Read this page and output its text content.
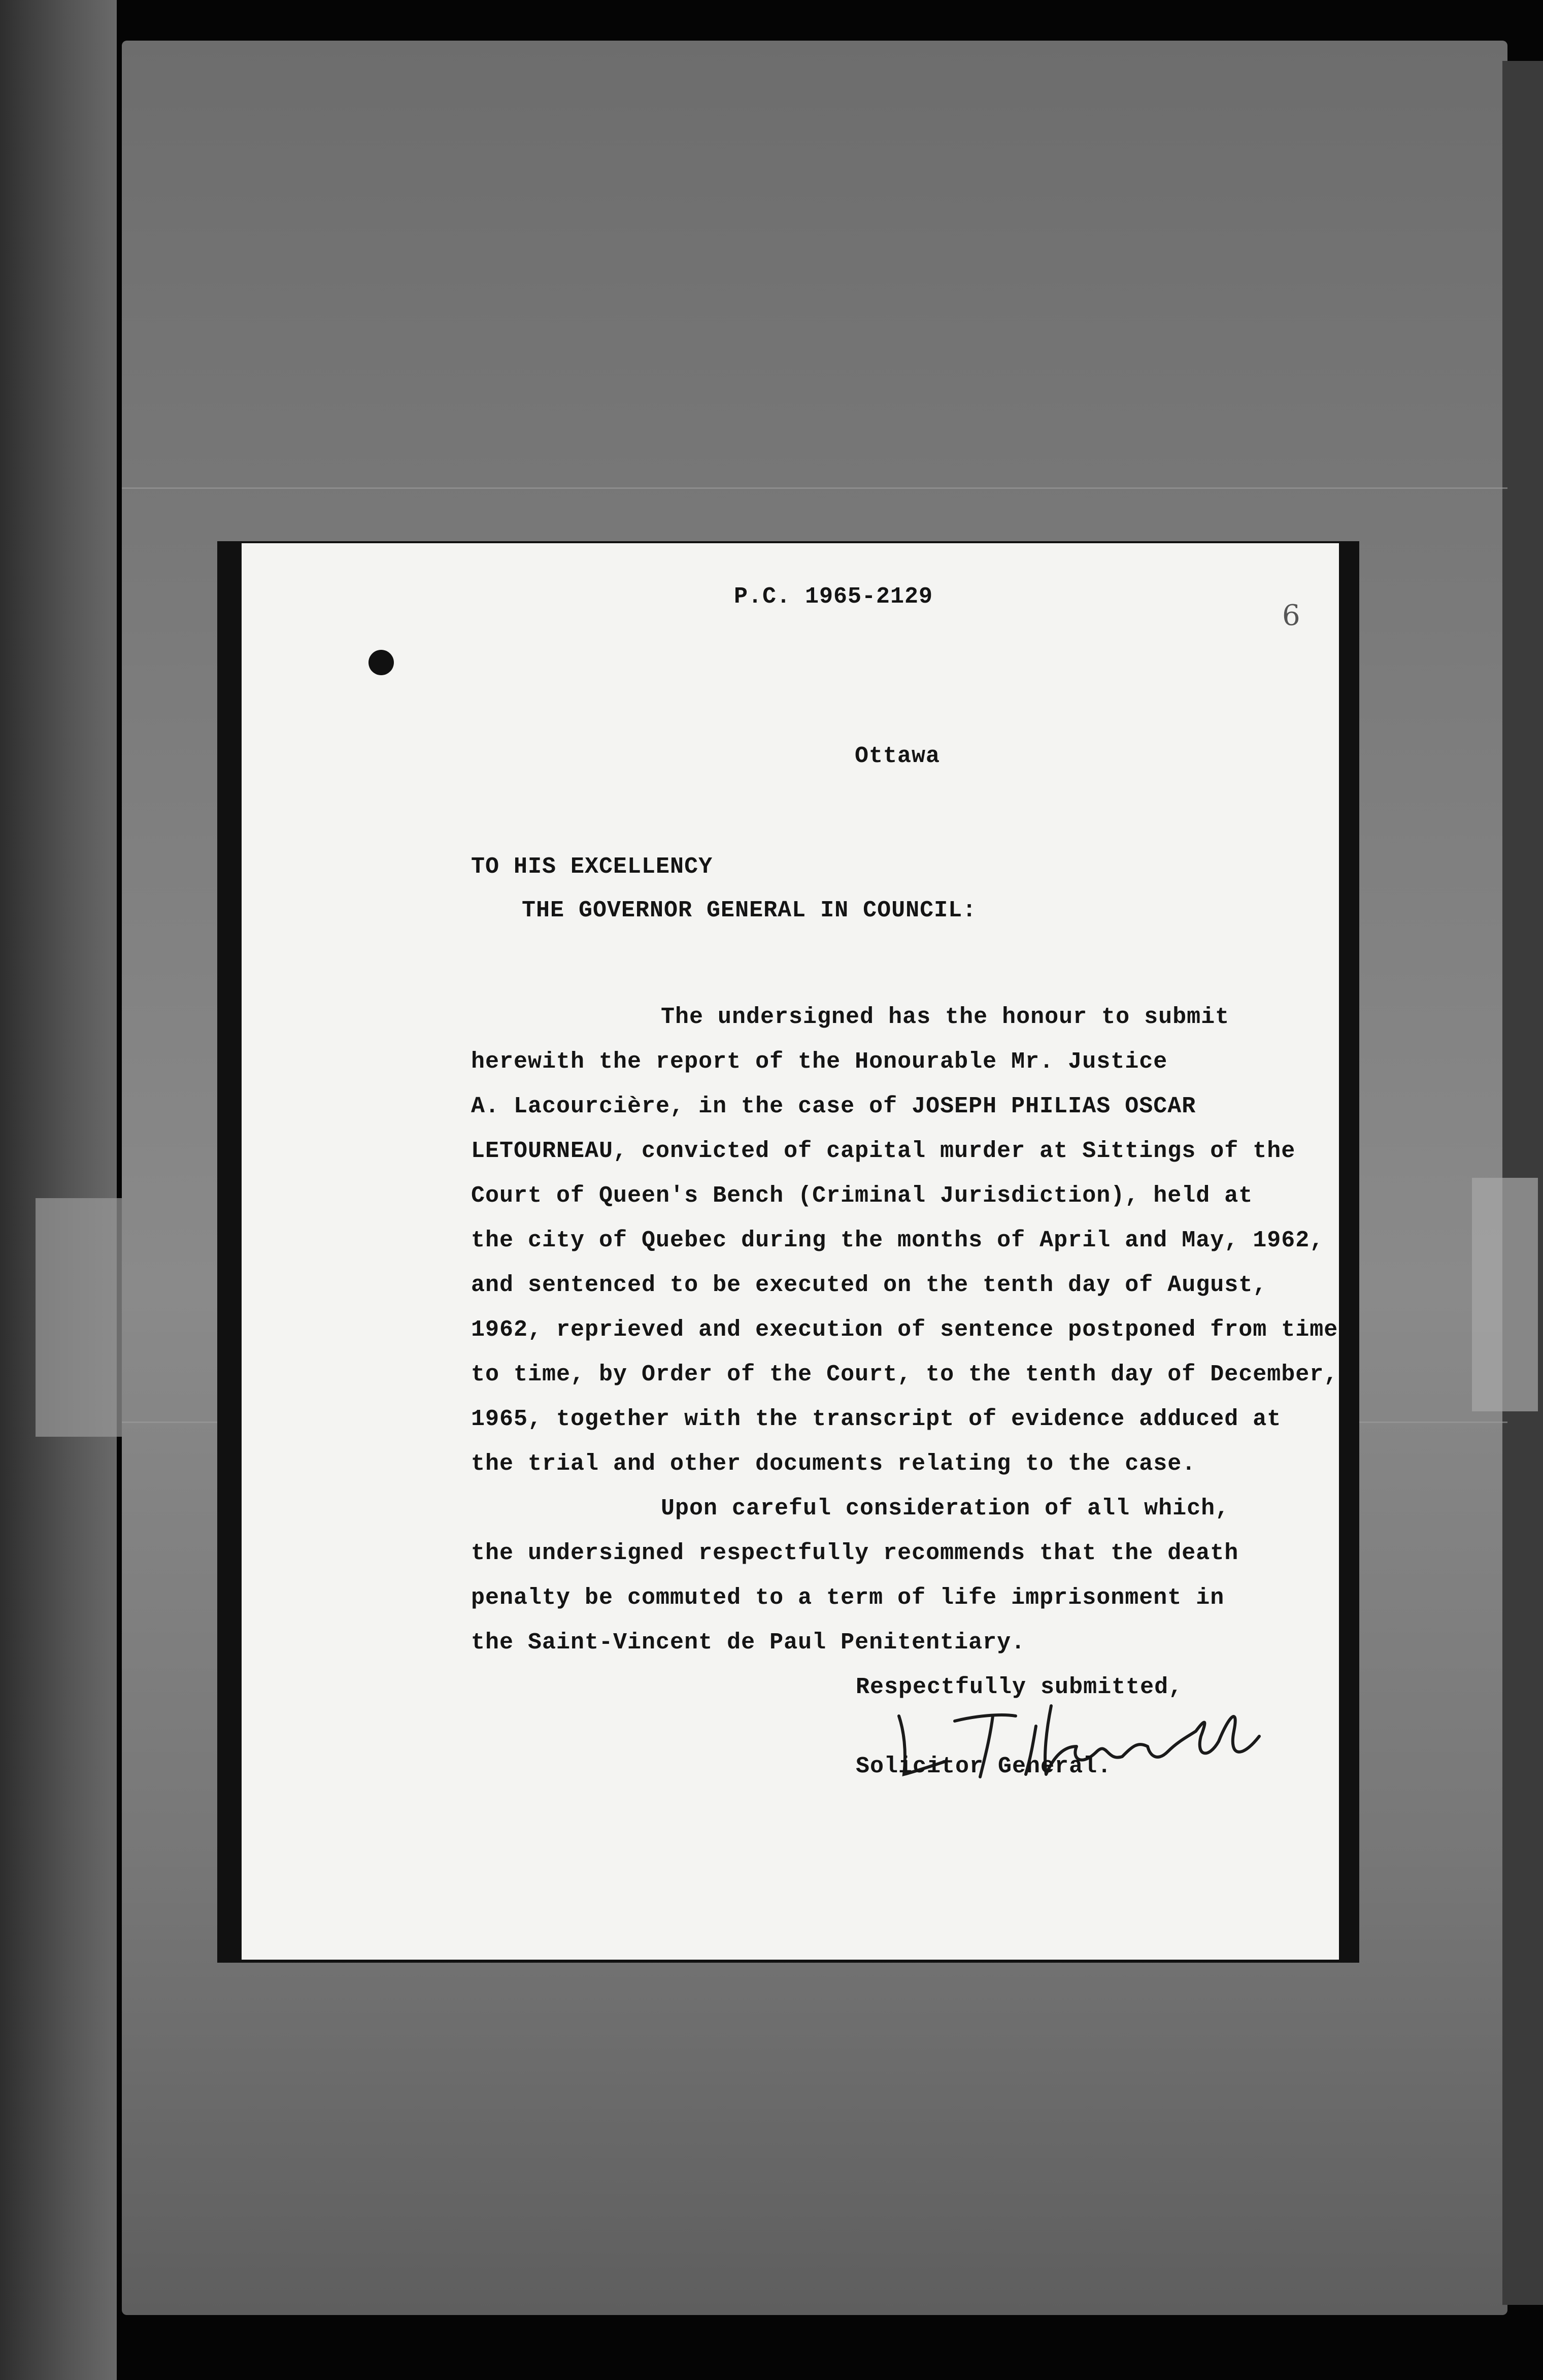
6
P.C. 1965-2129
Ottawa
TO HIS EXCELLENCY
THE GOVERNOR GENERAL IN COUNCIL:
The undersigned has the honour to submit
herewith the report of the Honourable Mr. Justice
A. Lacourcière, in the case of JOSEPH PHILIAS OSCAR
LETOURNEAU, convicted of capital murder at Sittings of the
Court of Queen's Bench (Criminal Jurisdiction), held at
the city of Quebec during the months of April and May, 1962,
and sentenced to be executed on the tenth day of August,
1962, reprieved and execution of sentence postponed from time
to time, by Order of the Court, to the tenth day of December,
1965, together with the transcript of evidence adduced at
the trial and other documents relating to the case.
Upon careful consideration of all which,
the undersigned respectfully recommends that the death
penalty be commuted to a term of life imprisonment in
the Saint-Vincent de Paul Penitentiary.
Respectfully submitted,
Solicitor General.
